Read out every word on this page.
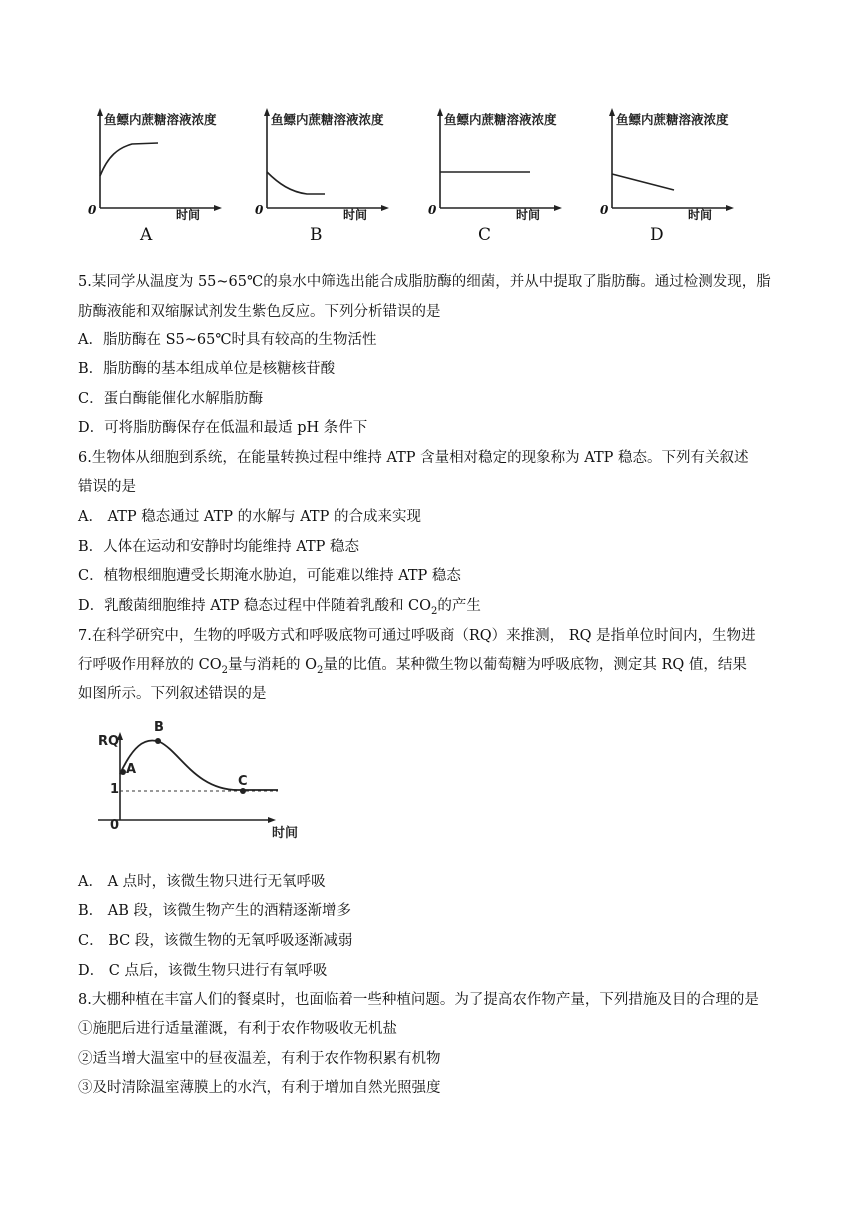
鱼鳔内蔗糖溶液浓度
0	时间
A
鱼鳔内蔗糖溶液浓度
0	时间
B
鱼鳔内蔗糖溶液浓度
0	时间
C
鱼鳔内蔗糖溶液浓度
0	时间
D
5.某同学从温度为 55~65℃的泉水中筛选出能合成脂肪酶的细菌，并从中提取了脂肪酶。通过检测发现，脂
肪酶液能和双缩脲试剂发生紫色反应。下列分析错误的是
A．脂肪酶在 S5~65℃时具有较高的生物活性
B．脂肪酶的基本组成单位是核糖核苷酸
C．蛋白酶能催化水解脂肪酶
D．可将脂肪酶保存在低温和最适 pH 条件下
6.生物体从细胞到系统，在能量转换过程中维持 ATP 含量相对稳定的现象称为 ATP 稳态。下列有关叙述
错误的是
A． ATP 稳态通过 ATP 的水解与 ATP 的合成来实现
B．人体在运动和安静时均能维持 ATP 稳态
C．植物根细胞遭受长期淹水胁迫，可能难以维持 ATP 稳态
D．乳酸菌细胞维持 ATP 稳态过程中伴随着乳酸和 $CO_2$的产生
7.在科学研究中，生物的呼吸方式和呼吸底物可通过呼吸商（RQ）来推测， RQ 是指单位时间内，生物进
行呼吸作用释放的 $CO_2$量与消耗的 $O_2$量的比值。某种微生物以葡萄糖为呼吸底物，测定其 RQ 值，结果
如图所示。下列叙述错误的是
RQ
A
B
C
1
0
时间
A． A 点时，该微生物只进行无氧呼吸
B． AB 段，该微生物产生的酒精逐渐增多
C． BC 段，该微生物的无氧呼吸逐渐减弱
D． C 点后，该微生物只进行有氧呼吸
8.大棚种植在丰富人们的餐桌时，也面临着一些种植问题。为了提高农作物产量，下列措施及目的合理的是
①施肥后进行适量灌溉，有利于农作物吸收无机盐
②适当增大温室中的昼夜温差，有利于农作物积累有机物
③及时清除温室薄膜上的水汽，有利于增加自然光照强度
